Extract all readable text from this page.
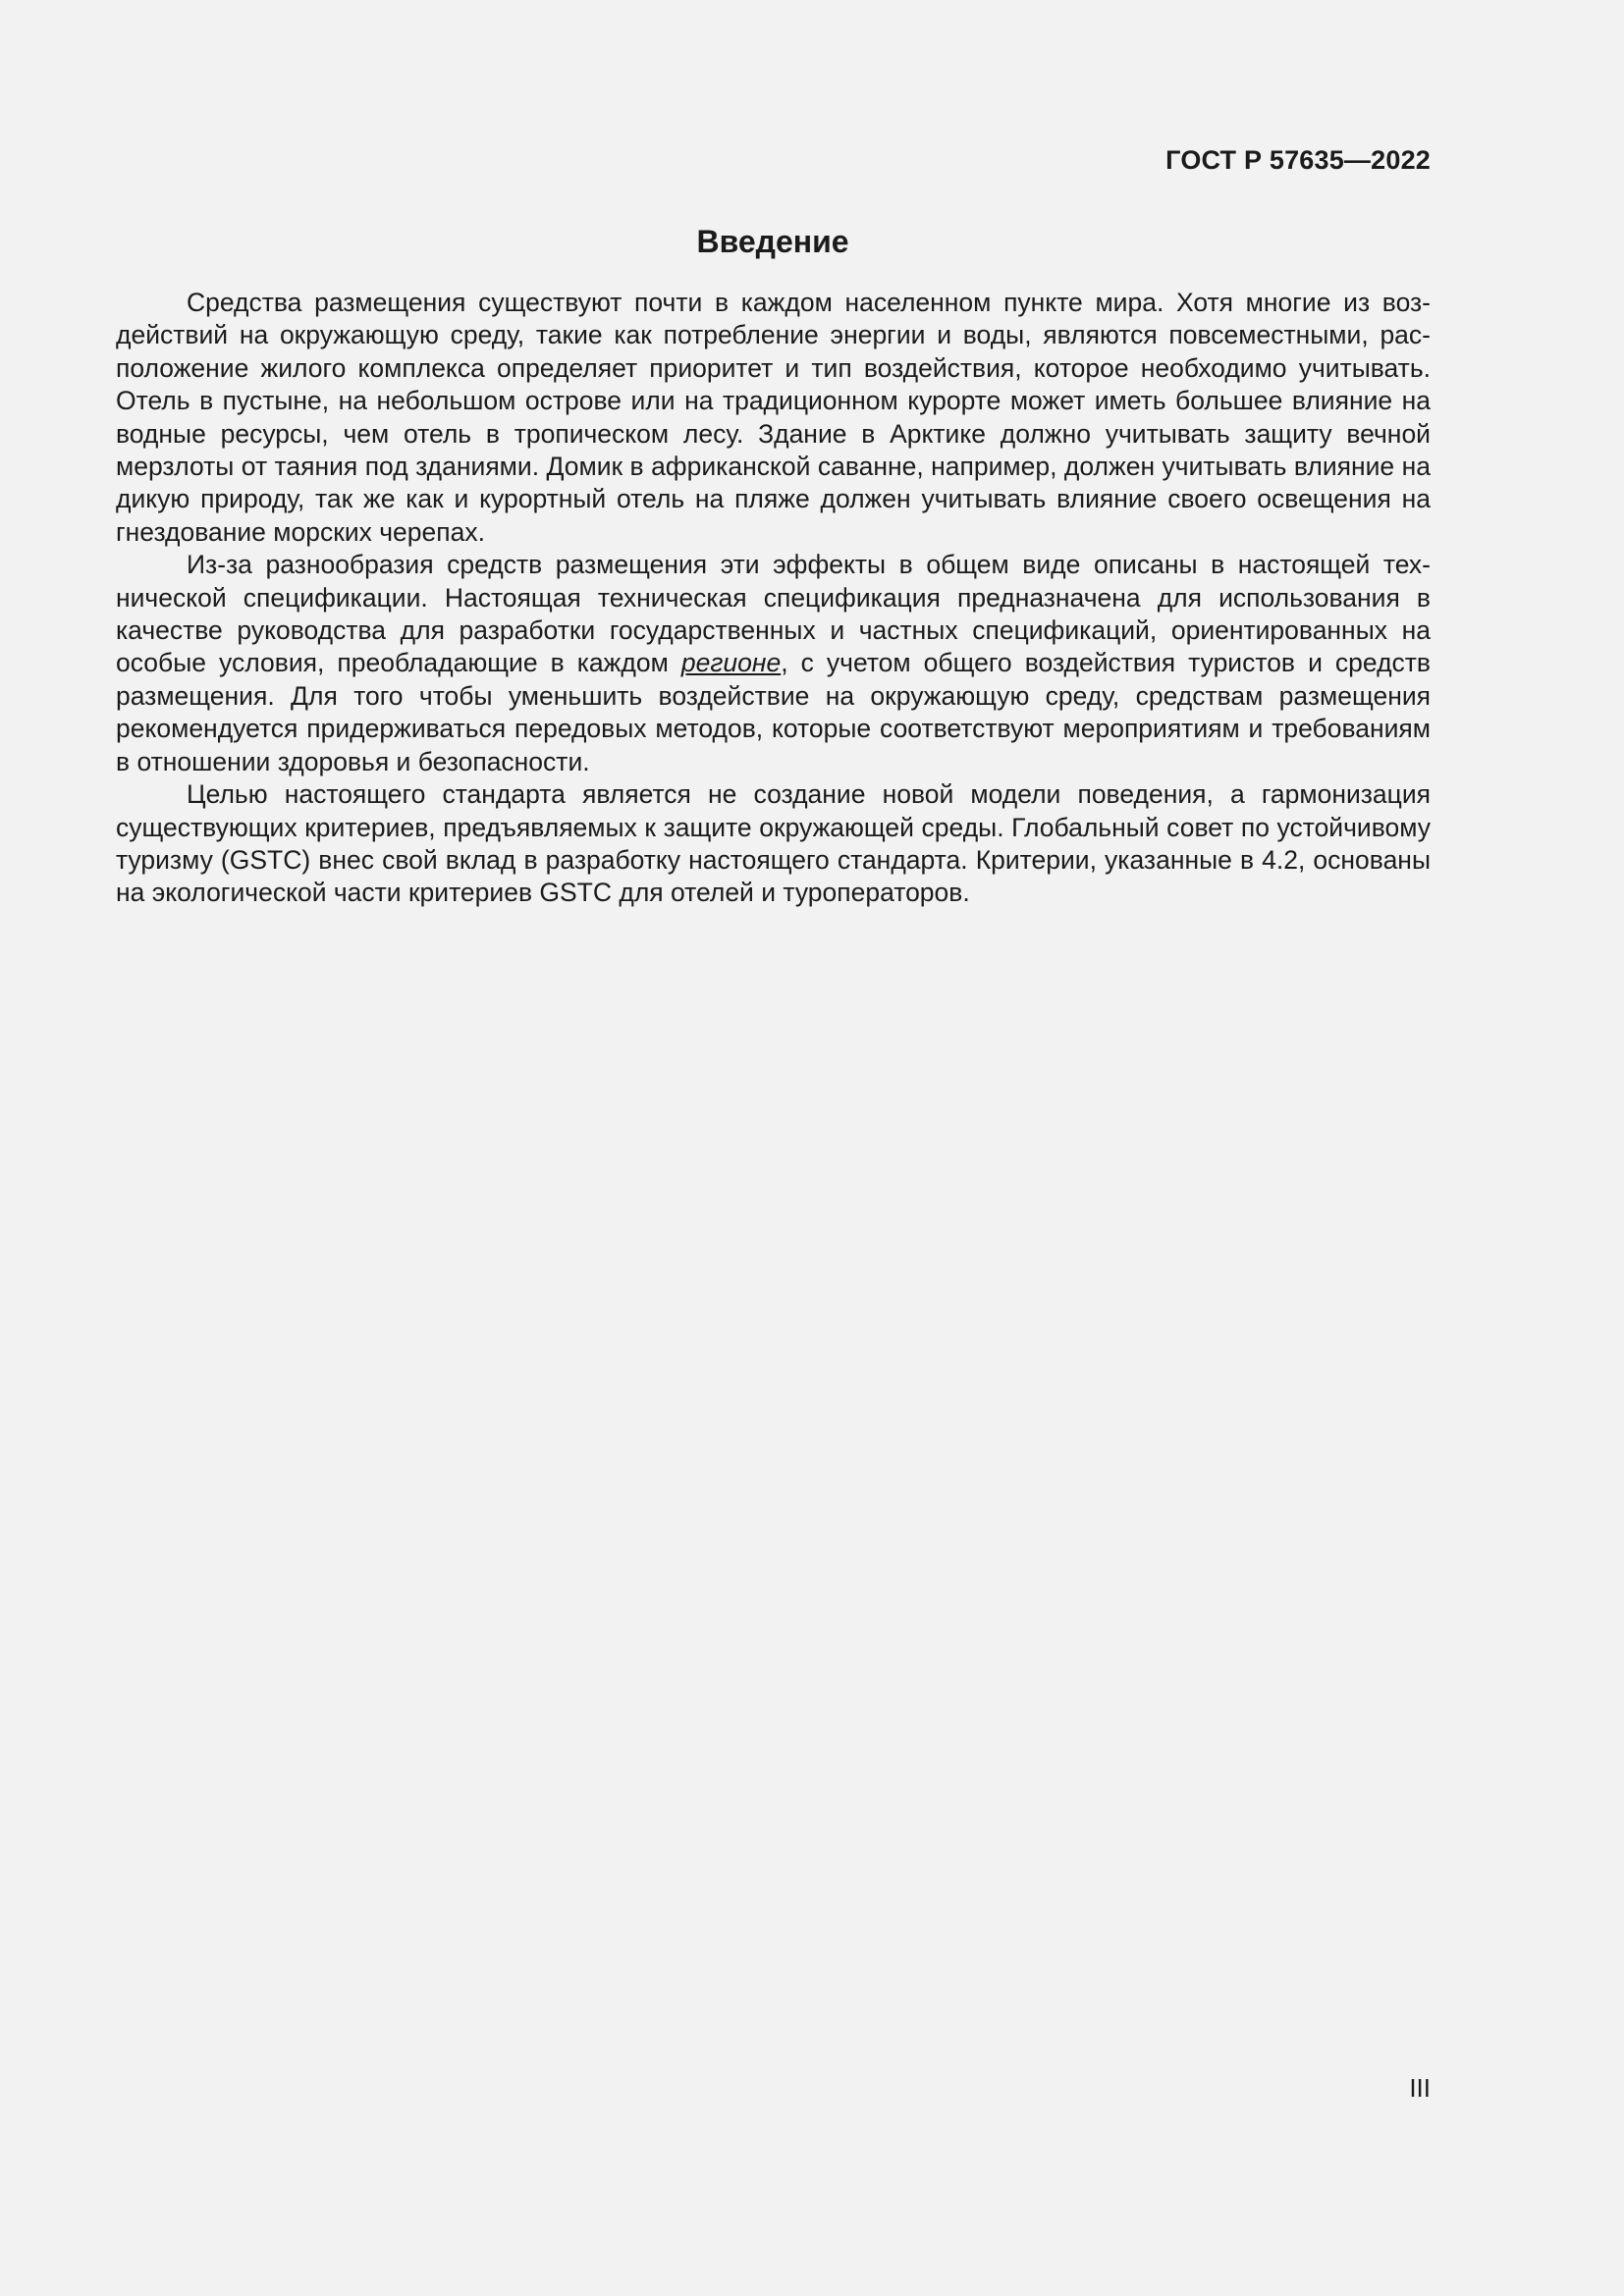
ГОСТ Р 57635—2022
Введение

Средства размещения существуют почти в каждом населенном пункте мира. Хотя многие из воздействий на окружающую среду, такие как потребление энергии и воды, являются повсеместными, расположение жилого комплекса определяет приоритет и тип воздействия, которое необходимо учитывать. Отель в пустыне, на небольшом острове или на традиционном курорте может иметь большее влияние на водные ресурсы, чем отель в тропическом лесу. Здание в Арктике должно учитывать защиту вечной мерзлоты от таяния под зданиями. Домик в африканской саванне, например, должен учитывать влияние на дикую природу, так же как и курортный отель на пляже должен учитывать влияние своего освещения на гнездование морских черепах.

Из-за разнообразия средств размещения эти эффекты в общем виде описаны в настоящей технической спецификации. Настоящая техническая спецификация предназначена для использования в качестве руководства для разработки государственных и частных спецификаций, ориентированных на особые условия, преобладающие в каждом регионе, с учетом общего воздействия туристов и средств размещения. Для того чтобы уменьшить воздействие на окружающую среду, средствам размещения рекомендуется придерживаться передовых методов, которые соответствуют мероприятиям и требованиям в отношении здоровья и безопасности.

Целью настоящего стандарта является не создание новой модели поведения, а гармонизация существующих критериев, предъявляемых к защите окружающей среды. Глобальный совет по устойчивому туризму (GSTC) внес свой вклад в разработку настоящего стандарта. Критерии, указанные в 4.2, основаны на экологической части критериев GSTC для отелей и туроператоров.

III
